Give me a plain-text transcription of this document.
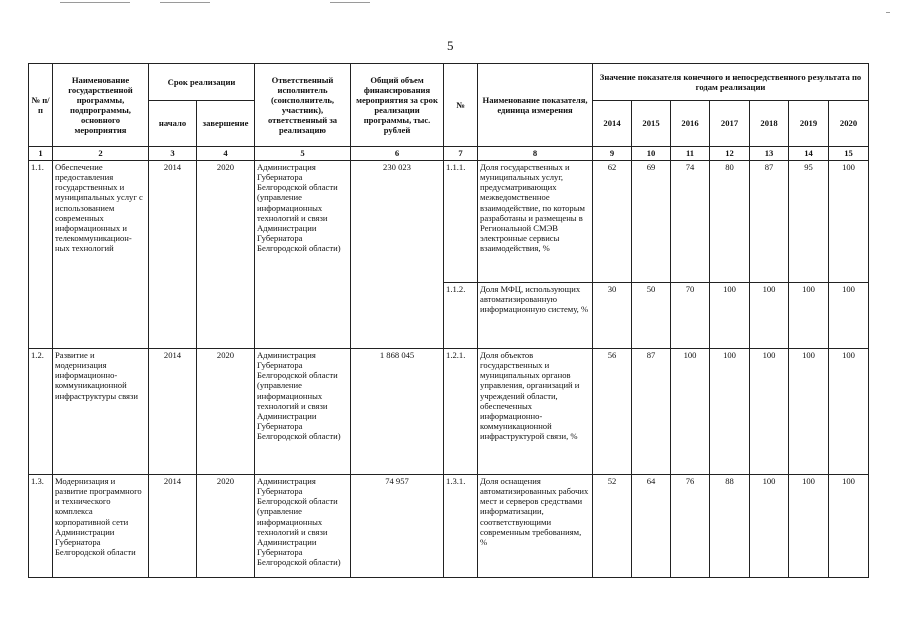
5
№ п/п	Наименование государственной программы, подпрограммы, основного мероприятия	Срок реализации		Ответственный исполнитель (соисполнитель, участник), ответственный за реализацию	Общий объем финансирования мероприятия за срок реализации программы, тыс. рублей	№	Наименование показателя, единица измерения	Значение показателя конечного и непосредственного результата по годам реализации						
		начало	завершение					2014	2015	2016	2017	2018	2019	2020
1	2	3	4	5	6	7	8	9	10	11	12	13	14	15
1.1.	Обеспечение предоставления государственных и муниципальных услуг с использованием современных информационных и телекоммуникацион-ных технологий	2014	2020	Администрация Губернатора Белгородской области (управление информационных технологий и связи Администрации Губернатора Белгородской области)	230 023	1.1.1.	Доля государственных и муниципальных услуг, предусматривающих межведомственное взаимодействие, по которым разработаны и размещены в Региональной СМЭВ электронные сервисы взаимодействия, %	62	69	74	80	87	95	100
						1.1.2.	Доля МФЦ, использующих автоматизированную информационную систему, %	30	50	70	100	100	100	100
1.2.	Развитие и модернизация информационно-коммуникационной инфраструктуры связи	2014	2020	Администрация Губернатора Белгородской области (управление информационных технологий и связи Администрации Губернатора Белгородской области)	1 868 045	1.2.1.	Доля объектов государственных и муниципальных органов управления, организаций и учреждений области, обеспеченных информационно-коммуникационной инфраструктурой связи, %	56	87	100	100	100	100	100
1.3.	Модернизация и развитие программного и технического комплекса корпоративной сети Администрации Губернатора Белгородской области	2014	2020	Администрация Губернатора Белгородской области (управление информационных технологий и связи Администрации Губернатора Белгородской области)	74 957	1.3.1.	Доля оснащения автоматизированных рабочих мест и серверов средствами информатизации, соответствующими современным требованиям, %	52	64	76	88	100	100	100
